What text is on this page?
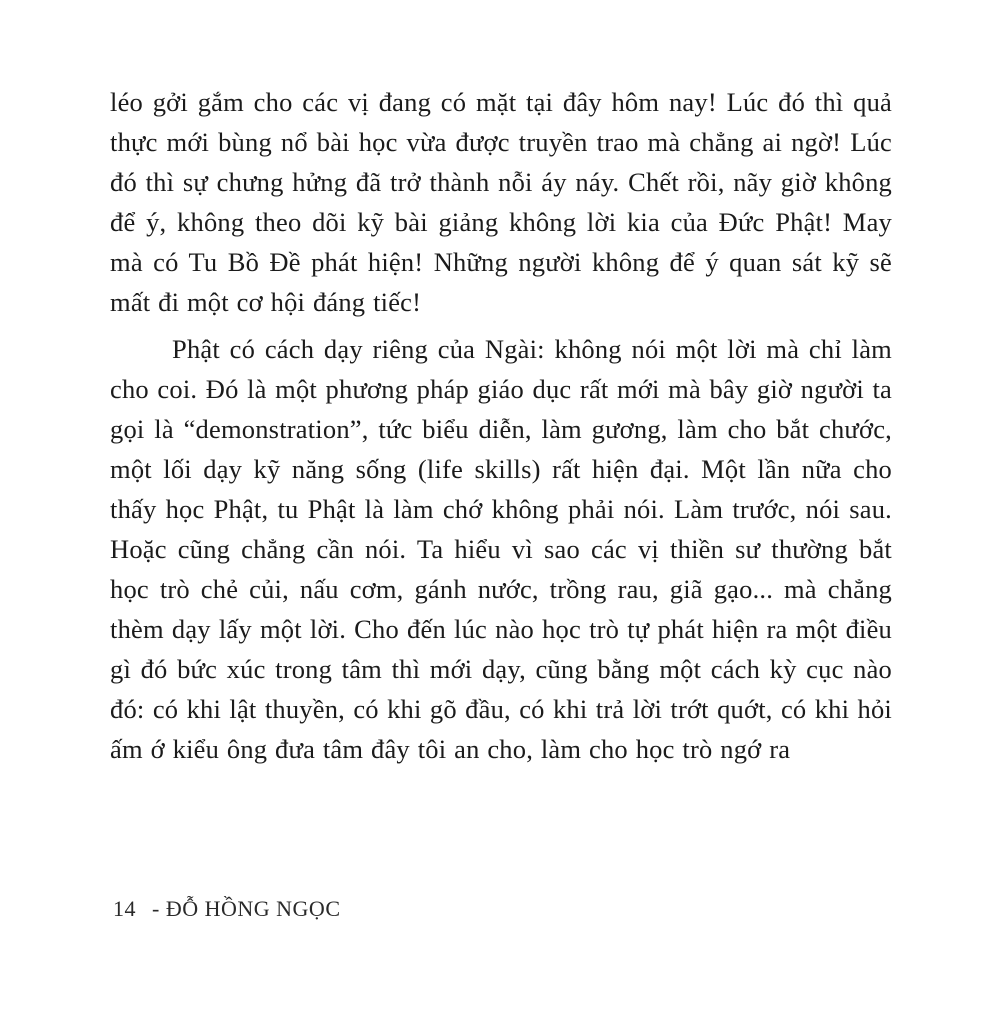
léo gởi gắm cho các vị đang có mặt tại đây hôm nay! Lúc đó thì quả thực mới bùng nổ bài học vừa được truyền trao mà chẳng ai ngờ! Lúc đó thì sự chưng hửng đã trở thành nỗi áy náy. Chết rồi, nãy giờ không để ý, không theo dõi kỹ bài giảng không lời kia của Đức Phật! May mà có Tu Bồ Đề phát hiện! Những người không để ý quan sát kỹ sẽ mất đi một cơ hội đáng tiếc!

Phật có cách dạy riêng của Ngài: không nói một lời mà chỉ làm cho coi. Đó là một phương pháp giáo dục rất mới mà bây giờ người ta gọi là “demonstration”, tức biểu diễn, làm gương, làm cho bắt chước, một lối dạy kỹ năng sống (life skills) rất hiện đại. Một lần nữa cho thấy học Phật, tu Phật là làm chớ không phải nói. Làm trước, nói sau. Hoặc cũng chẳng cần nói. Ta hiểu vì sao các vị thiền sư thường bắt học trò chẻ củi, nấu cơm, gánh nước, trồng rau, giã gạo... mà chẳng thèm dạy lấy một lời. Cho đến lúc nào học trò tự phát hiện ra một điều gì đó bức xúc trong tâm thì mới dạy, cũng bằng một cách kỳ cục nào đó: có khi lật thuyền, có khi gõ đầu, có khi trả lời trớt quớt, có khi hỏi ấm ớ kiểu ông đưa tâm đây tôi an cho, làm cho học trò ngớ ra

14 - ĐỖ HỒNG NGỌC
